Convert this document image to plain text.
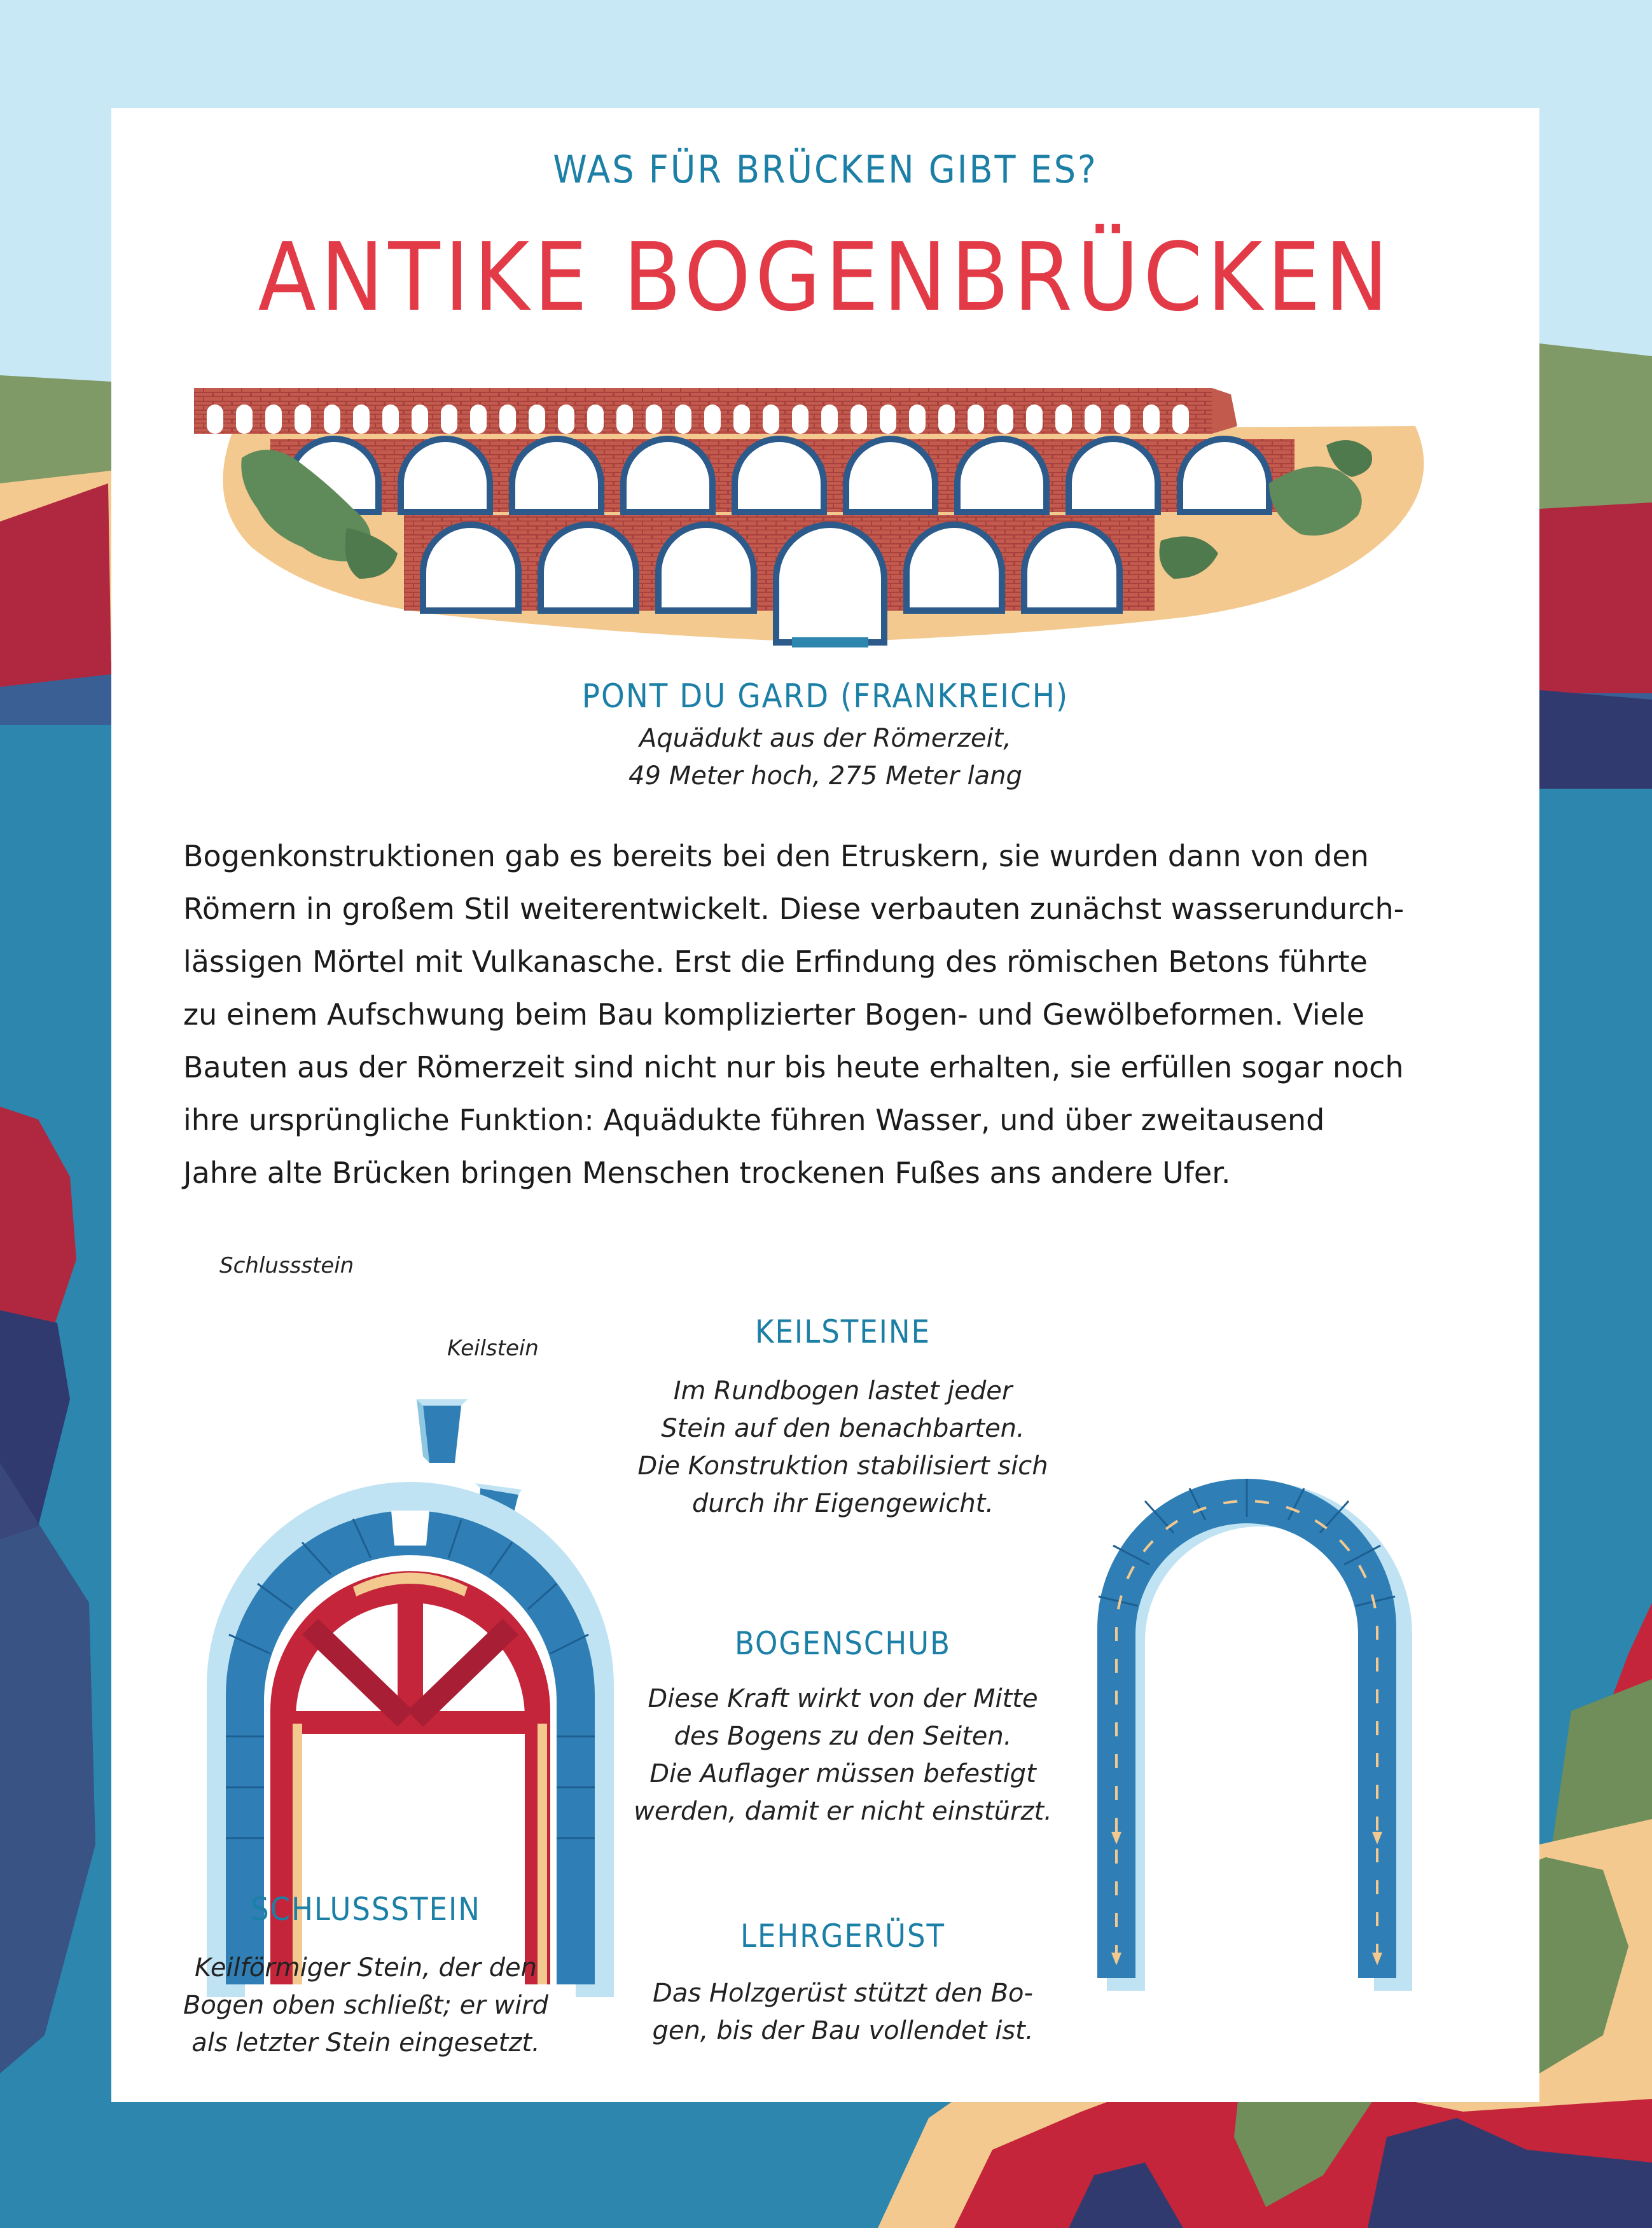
WAS FÜR BRÜCKEN GIBT ES?
ANTIKE BOGENBRÜCKEN
PONT DU GARD (FRANKREICH)
Aquädukt aus der Römerzeit,
49 Meter hoch, 275 Meter lang
Bogenkonstruktionen gab es bereits bei den Etruskern, sie wurden dann von den
Römern in großem Stil weiterentwickelt. Diese verbauten zunächst wasserundurch-
lässigen Mörtel mit Vulkanasche. Erst die Erfindung des römischen Betons führte
zu einem Aufschwung beim Bau komplizierter Bogen- und Gewölbeformen. Viele
Bauten aus der Römerzeit sind nicht nur bis heute erhalten, sie erfüllen sogar noch
ihre ursprüngliche Funktion: Aquädukte führen Wasser, und über zweitausend
Jahre alte Brücken bringen Menschen trockenen Fußes ans andere Ufer.
Schlussstein
Keilstein	KEILSTEINE
Im Rundbogen lastet jeder
Stein auf den benachbarten.
Die Konstruktion stabilisiert sich
durch ihr Eigengewicht.
BOGENSCHUB
Diese Kraft wirkt von der Mitte
des Bogens zu den Seiten.
Die Auflager müssen befestigt
werden, damit er nicht einstürzt.
SCHLUSSSTEIN
Keilförmiger Stein, der den
Bogen oben schließt; er wird
als letzter Stein eingesetzt.
LEHRGERÜST
Das Holzgerüst stützt den Bo-
gen, bis der Bau vollendet ist.
